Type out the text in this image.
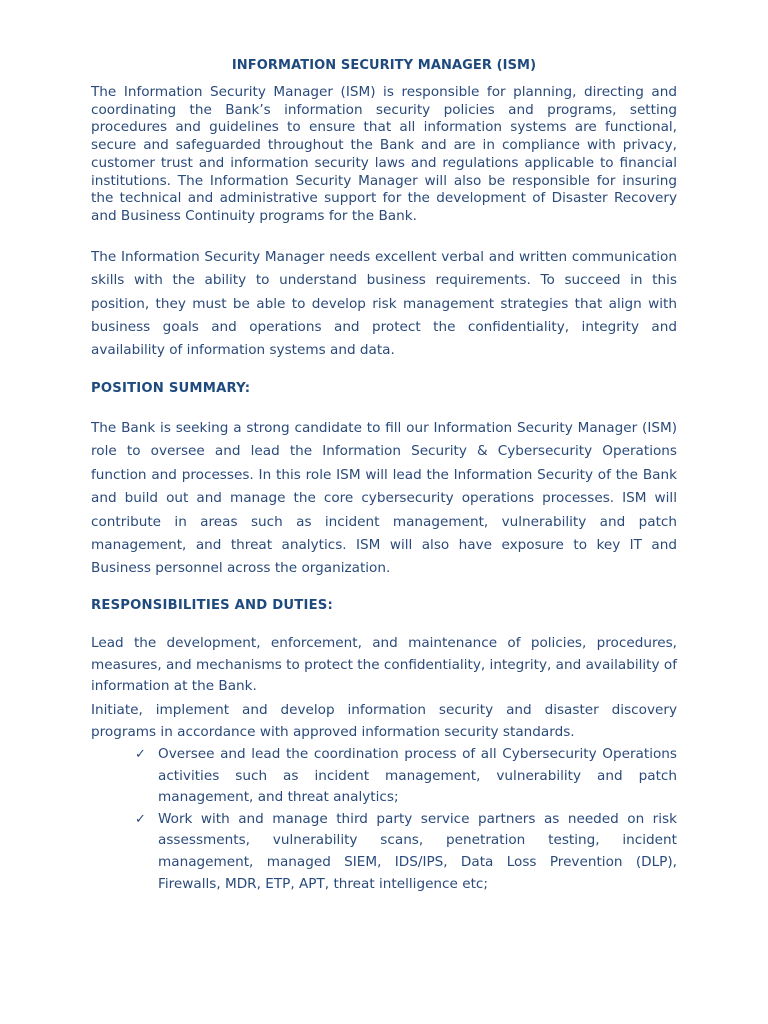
INFORMATION SECURITY MANAGER (ISM)

The Information Security Manager (ISM) is responsible for planning, directing and coordinating the Bank’s information security policies and programs, setting procedures and guidelines to ensure that all information systems are functional, secure and safeguarded throughout the Bank and are in compliance with privacy, customer trust and information security laws and regulations applicable to financial institutions. The Information Security Manager will also be responsible for insuring the technical and administrative support for the development of Disaster Recovery and Business Continuity programs for the Bank.

The Information Security Manager needs excellent verbal and written communication skills with the ability to understand business requirements. To succeed in this position, they must be able to develop risk management strategies that align with business goals and operations and protect the confidentiality, integrity and availability of information systems and data.

POSITION SUMMARY:

The Bank is seeking a strong candidate to fill our Information Security Manager (ISM) role to oversee and lead the Information Security & Cybersecurity Operations function and processes. In this role ISM will lead the Information Security of the Bank and build out and manage the core cybersecurity operations processes. ISM will contribute in areas such as incident management, vulnerability and patch management, and threat analytics. ISM will also have exposure to key IT and Business personnel across the organization.

RESPONSIBILITIES AND DUTIES:

Lead the development, enforcement, and maintenance of policies, procedures, measures, and mechanisms to protect the confidentiality, integrity, and availability of information at the Bank.

Initiate, implement and develop information security and disaster discovery programs in accordance with approved information security standards.

✓ Oversee and lead the coordination process of all Cybersecurity Operations activities such as incident management, vulnerability and patch management, and threat analytics;
✓ Work with and manage third party service partners as needed on risk assessments, vulnerability scans, penetration testing, incident management, managed SIEM, IDS/IPS, Data Loss Prevention (DLP), Firewalls, MDR, ETP, APT, threat intelligence etc;
